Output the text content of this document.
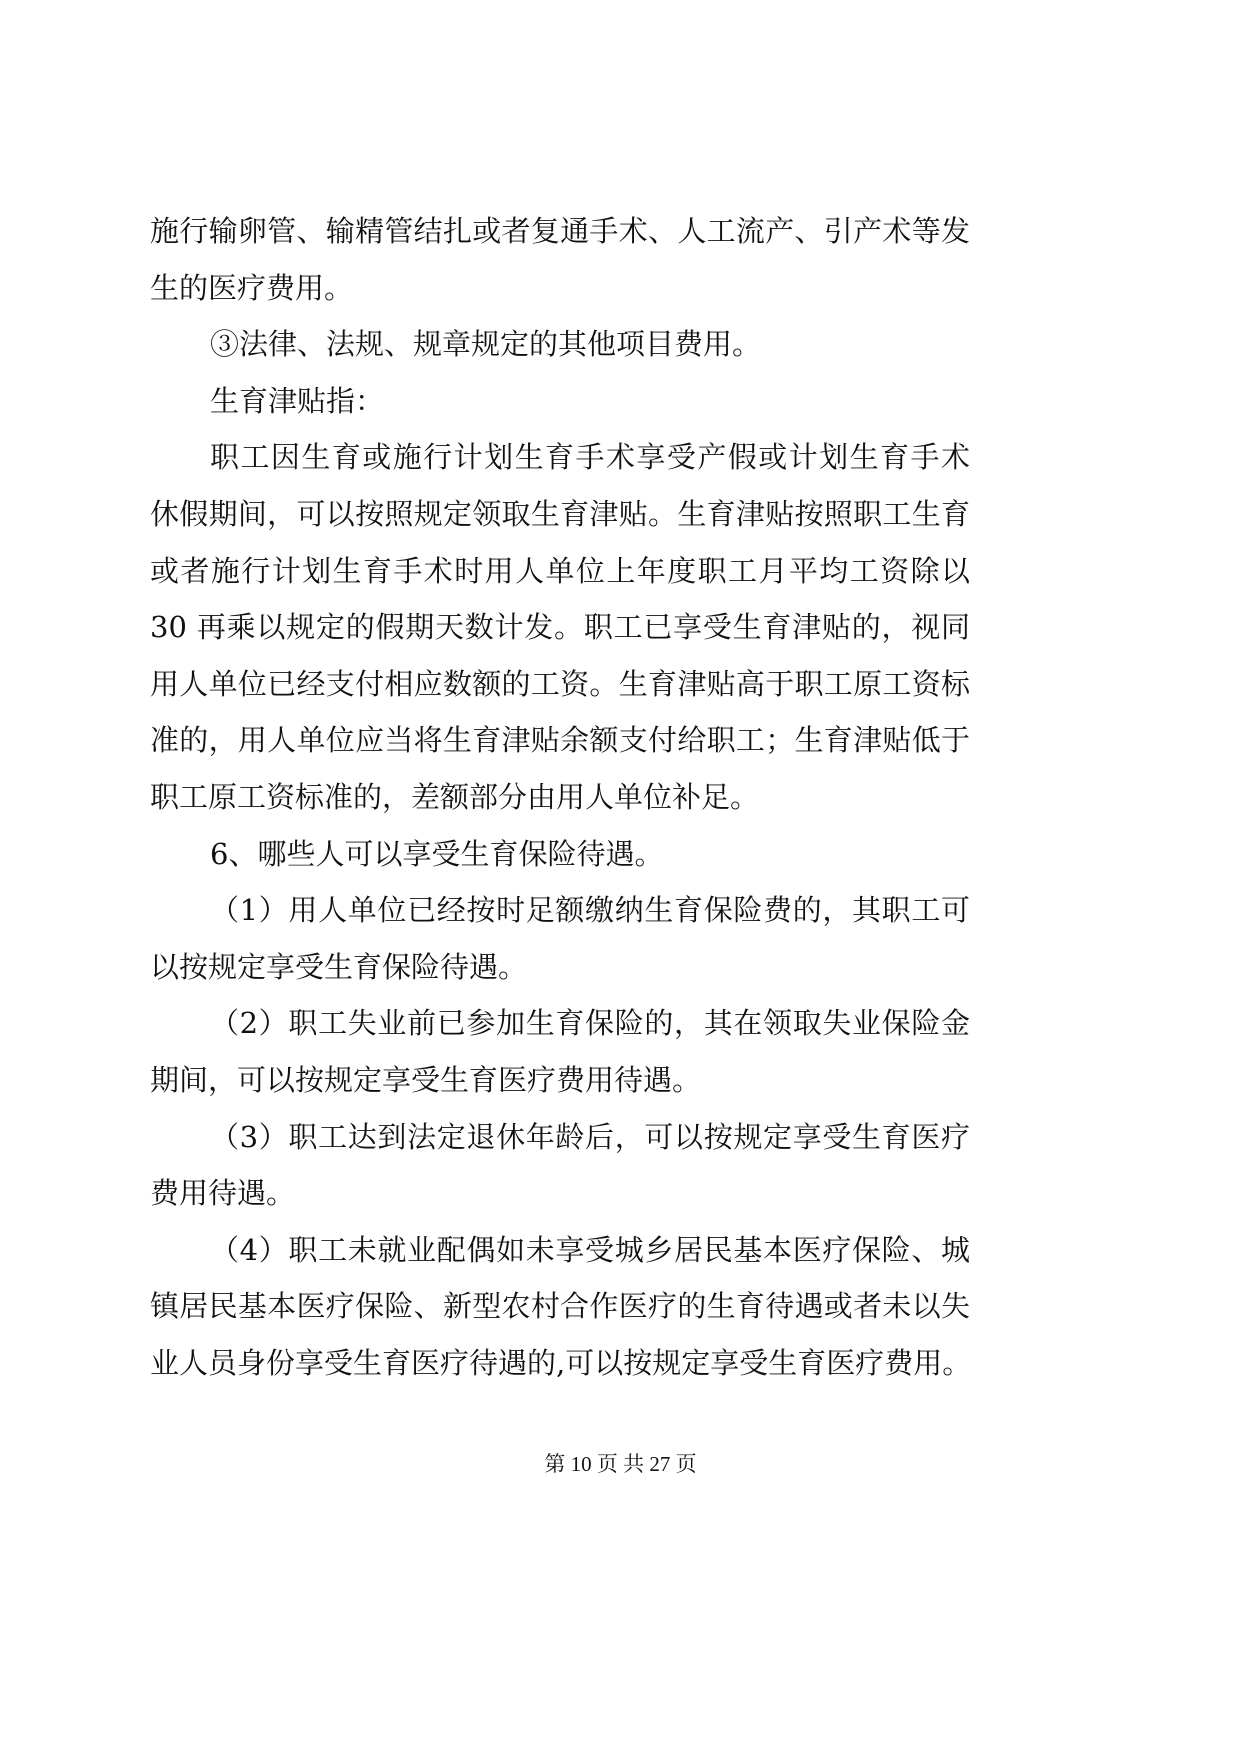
施行输卵管、输精管结扎或者复通手术、人工流产、引产术等发
生的医疗费用。
③法律、法规、规章规定的其他项目费用。
生育津贴指：
职工因生育或施行计划生育手术享受产假或计划生育手术
休假期间，可以按照规定领取生育津贴。生育津贴按照职工生育
或者施行计划生育手术时用人单位上年度职工月平均工资除以
30 再乘以规定的假期天数计发。职工已享受生育津贴的，视同
用人单位已经支付相应数额的工资。生育津贴高于职工原工资标
准的，用人单位应当将生育津贴余额支付给职工；生育津贴低于
职工原工资标准的，差额部分由用人单位补足。
6、哪些人可以享受生育保险待遇。
（1）用人单位已经按时足额缴纳生育保险费的，其职工可
以按规定享受生育保险待遇。
（2）职工失业前已参加生育保险的，其在领取失业保险金
期间，可以按规定享受生育医疗费用待遇。
（3）职工达到法定退休年龄后，可以按规定享受生育医疗
费用待遇。
（4）职工未就业配偶如未享受城乡居民基本医疗保险、城
镇居民基本医疗保险、新型农村合作医疗的生育待遇或者未以失
业人员身份享受生育医疗待遇的,可以按规定享受生育医疗费用。
第 10 页 共 27 页
